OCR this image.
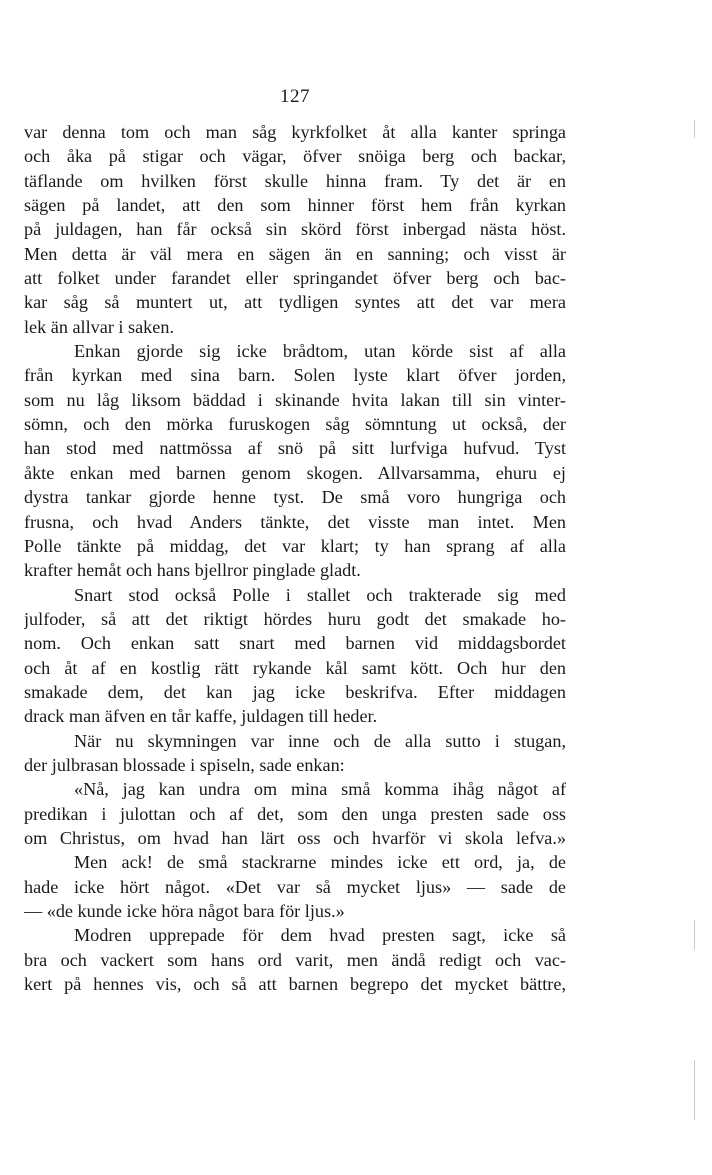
127
var denna tom och man såg kyrkfolket åt alla kanter springa
och åka på stigar och vägar, öfver snöiga berg och backar,
täflande om hvilken först skulle hinna fram. Ty det är en
sägen på landet, att den som hinner först hem från kyrkan
på juldagen, han får också sin skörd först inbergad nästa höst.
Men detta är väl mera en sägen än en sanning; och visst är
att folket under farandet eller springandet öfver berg och bac-
kar såg så muntert ut, att tydligen syntes att det var mera
lek än allvar i saken.
Enkan gjorde sig icke brådtom, utan körde sist af alla
från kyrkan med sina barn. Solen lyste klart öfver jorden,
som nu låg liksom bäddad i skinande hvita lakan till sin vinter-
sömn, och den mörka furuskogen såg sömntung ut också, der
han stod med nattmössa af snö på sitt lurfviga hufvud. Tyst
åkte enkan med barnen genom skogen. Allvarsamma, ehuru ej
dystra tankar gjorde henne tyst. De små voro hungriga och
frusna, och hvad Anders tänkte, det visste man intet. Men
Polle tänkte på middag, det var klart; ty han sprang af alla
krafter hemåt och hans bjellror pinglade gladt.
Snart stod också Polle i stallet och trakterade sig med
julfoder, så att det riktigt hördes huru godt det smakade ho-
nom. Och enkan satt snart med barnen vid middagsbordet
och åt af en kostlig rätt rykande kål samt kött. Och hur den
smakade dem, det kan jag icke beskrifva. Efter middagen
drack man äfven en tår kaffe, juldagen till heder.
När nu skymningen var inne och de alla sutto i stugan,
der julbrasan blossade i spiseln, sade enkan:
«Nå, jag kan undra om mina små komma ihåg något af
predikan i julottan och af det, som den unga presten sade oss
om Christus, om hvad han lärt oss och hvarför vi skola lefva.»
Men ack! de små stackrarne mindes icke ett ord, ja, de
hade icke hört något. «Det var så mycket ljus» — sade de
— «de kunde icke höra något bara för ljus.»
Modren upprepade för dem hvad presten sagt, icke så
bra och vackert som hans ord varit, men ändå redigt och vac-
kert på hennes vis, och så att barnen begrepo det mycket bättre,
